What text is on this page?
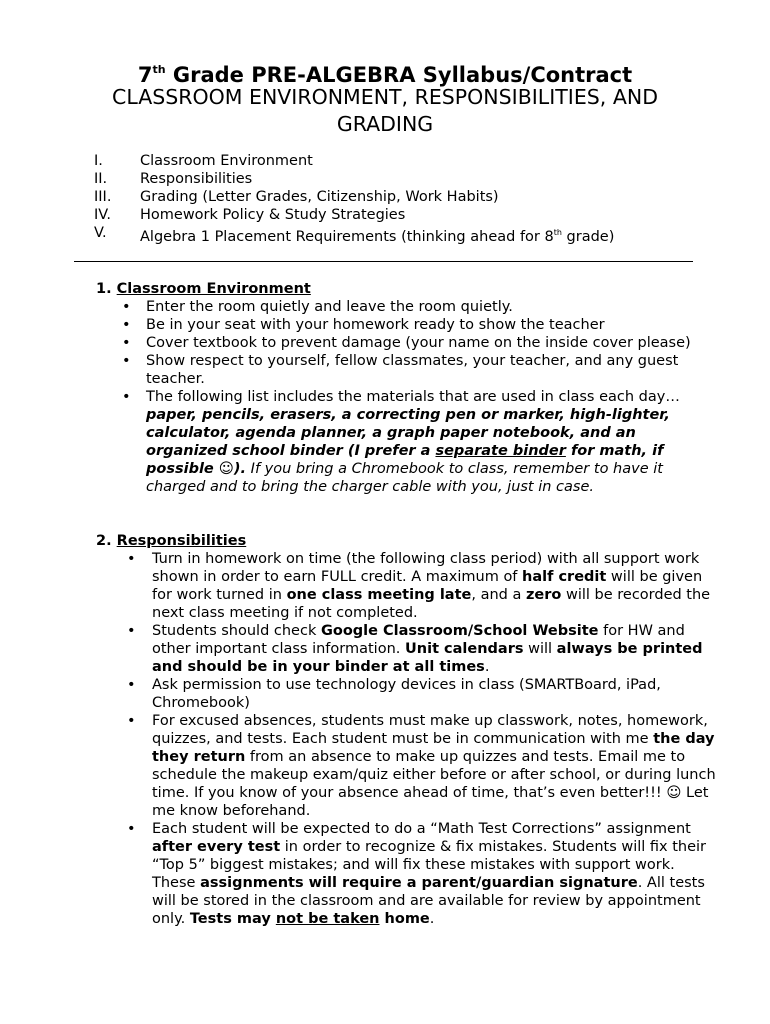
7th Grade PRE-ALGEBRA Syllabus/Contract
CLASSROOM ENVIRONMENT, RESPONSIBILITIES, AND GRADING
I.	Classroom Environment
II.	Responsibilities
III.	Grading (Letter Grades, Citizenship, Work Habits)
IV.	Homework Policy & Study Strategies
V.	Algebra 1 Placement Requirements (thinking ahead for 8th grade)
1. Classroom Environment
• Enter the room quietly and leave the room quietly.
• Be in your seat with your homework ready to show the teacher
• Cover textbook to prevent damage (your name on the inside cover please)
• Show respect to yourself, fellow classmates, your teacher, and any guest teacher.
• The following list includes the materials that are used in class each day… paper, pencils, erasers, a correcting pen or marker, high-lighter, calculator, agenda planner, a graph paper notebook, and an organized school binder (I prefer a separate binder for math, if possible ☺). If you bring a Chromebook to class, remember to have it charged and to bring the charger cable with you, just in case.
2. Responsibilities
• Turn in homework on time (the following class period) with all support work shown in order to earn FULL credit. A maximum of half credit will be given for work turned in one class meeting late, and a zero will be recorded the next class meeting if not completed.
• Students should check Google Classroom/School Website for HW and other important class information. Unit calendars will always be printed and should be in your binder at all times.
• Ask permission to use technology devices in class (SMARTBoard, iPad, Chromebook)
• For excused absences, students must make up classwork, notes, homework, quizzes, and tests. Each student must be in communication with me the day they return from an absence to make up quizzes and tests. Email me to schedule the makeup exam/quiz either before or after school, or during lunch time. If you know of your absence ahead of time, that’s even better!!! ☺ Let me know beforehand.
• Each student will be expected to do a “Math Test Corrections” assignment after every test in order to recognize & fix mistakes. Students will fix their “Top 5” biggest mistakes; and will fix these mistakes with support work. These assignments will require a parent/guardian signature. All tests will be stored in the classroom and are available for review by appointment only. Tests may not be taken home.
